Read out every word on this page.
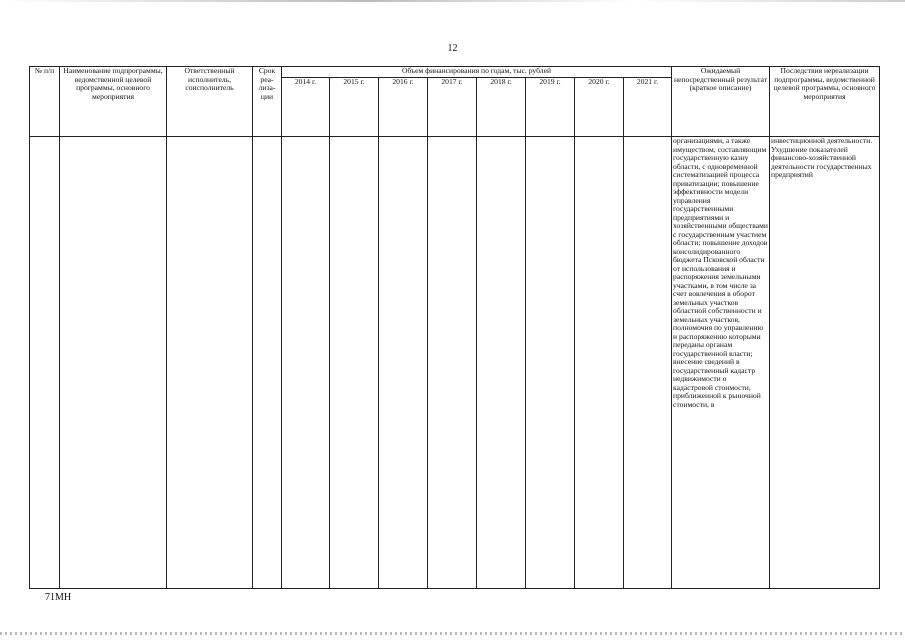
12
№ п/п	Наименование подпрограммы, ведомственной целевой программы, основного мероприятия	Ответственный исполнитель, соисполнитель	Срок реа-лиза-ции	Объем финансирования по годам, тыс. рублей								Ожидаемый непосредственный результат (краткое описание)	Последствия нереализации подпрограммы, ведомственной целевой программы, основного мероприятия
				2014 г.	2015 г.	2016 г.	2017 г.	2018 г.	2019 г.	2020 г.	2021 г.		
												организациями, а также имуществом, составляющим государственную казну области, с одновременной систематизацией процесса приватизации; повышение эффективности модели управления государственными предприятиями и хозяйственными обществами с государственным участием области; повышение доходов консолидированного бюджета Псковской области от использования и распоряжения земельными участками, в том числе за счет вовлечения в оборот земельных участков областной собственности и земельных участков, полномочия по управлению и распоряжению которыми переданы органам государственной власти; внесение сведений в государственный кадастр недвижимости о кадастровой стоимости, приближенной к рыночной стоимости, в	инвестиционной деятельности. Ухудшение показателей финансово-хозяйственной деятельности государственных предприятий
71МН
